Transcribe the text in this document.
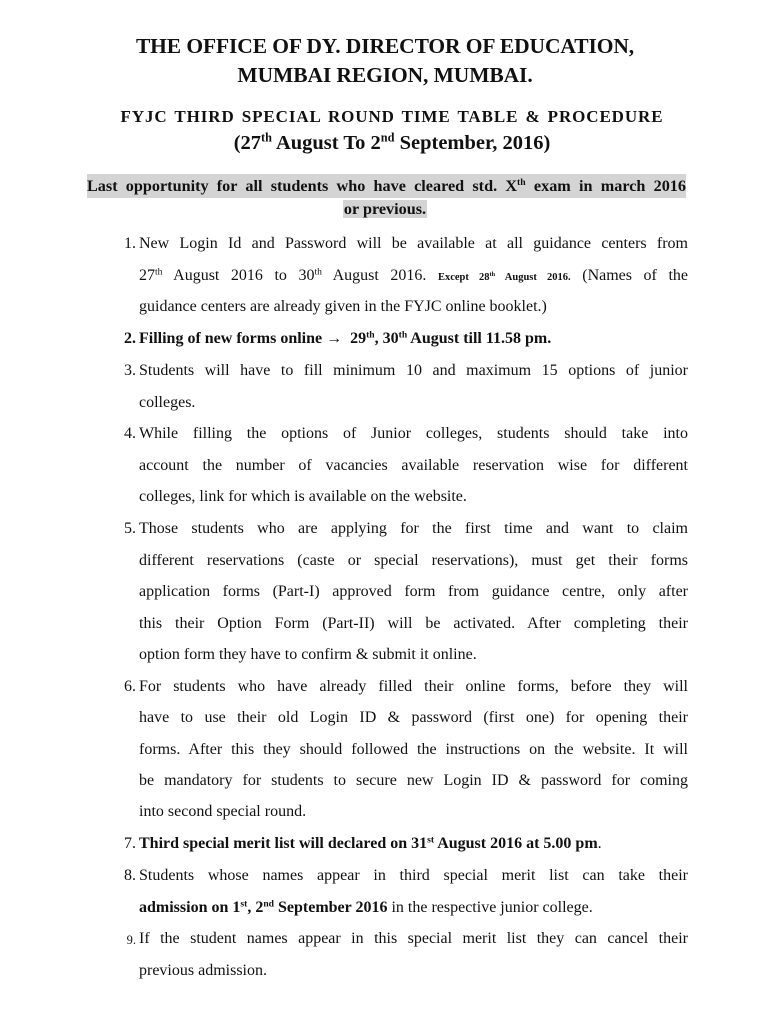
THE OFFICE OF DY. DIRECTOR OF EDUCATION,
MUMBAI REGION, MUMBAI.
FYJC THIRD SPECIAL ROUND TIME TABLE & PROCEDURE
(27th August To 2nd September, 2016)
Last opportunity for all students who have cleared std. Xth exam in march 2016
or previous.
1. New Login Id and Password will be available at all guidance centers from
27th August 2016 to 30th August 2016. Except 28th August 2016. (Names of the
guidance centers are already given in the FYJC online booklet.)
2. Filling of new forms online →  29th, 30th August till 11.58 pm.
3. Students will have to fill minimum 10 and maximum 15 options of junior
colleges.
4. While filling the options of Junior colleges, students should take into
account the number of vacancies available reservation wise for different
colleges, link for which is available on the website.
5. Those students who are applying for the first time and want to claim
different reservations (caste or special reservations), must get their forms
application forms (Part-I) approved form from guidance centre, only after
this their Option Form (Part-II) will be activated. After completing their
option form they have to confirm & submit it online.
6. For students who have already filled their online forms, before they will
have to use their old Login ID & password (first one) for opening their
forms. After this they should followed the instructions on the website. It will
be mandatory for students to secure new Login ID & password for coming
into second special round.
7. Third special merit list will declared on 31st August 2016 at 5.00 pm.
8. Students whose names appear in third special merit list can take their
admission on 1st, 2nd September 2016 in the respective junior college.
9. If the student names appear in this special merit list they can cancel their
previous admission.
